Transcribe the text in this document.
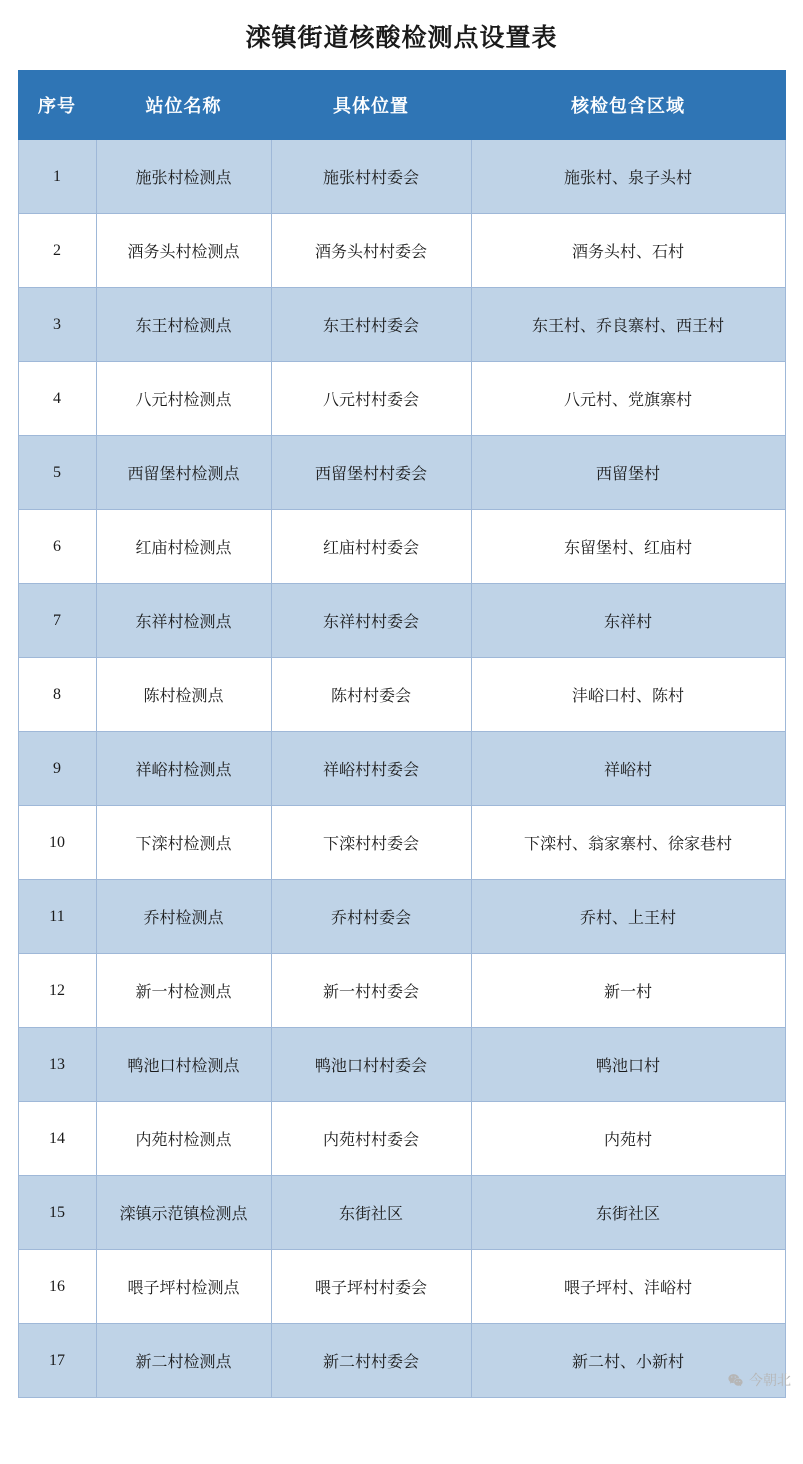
滦镇街道核酸检测点设置表
序号	站位名称	具体位置	核检包含区域
1	施张村检测点	施张村村委会	施张村、泉子头村
2	酒务头村检测点	酒务头村村委会	酒务头村、石村
3	东王村检测点	东王村村委会	东王村、乔良寨村、西王村
4	八元村检测点	八元村村委会	八元村、党旗寨村
5	西留堡村检测点	西留堡村村委会	西留堡村
6	红庙村检测点	红庙村村委会	东留堡村、红庙村
7	东祥村检测点	东祥村村委会	东祥村
8	陈村检测点	陈村村委会	沣峪口村、陈村
9	祥峪村检测点	祥峪村村委会	祥峪村
10	下滦村检测点	下滦村村委会	下滦村、翁家寨村、徐家巷村
11	乔村检测点	乔村村委会	乔村、上王村
12	新一村检测点	新一村村委会	新一村
13	鸭池口村检测点	鸭池口村村委会	鸭池口村
14	内苑村检测点	内苑村村委会	内苑村
15	滦镇示范镇检测点	东街社区	东街社区
16	喂子坪村检测点	喂子坪村村委会	喂子坪村、沣峪村
17	新二村检测点	新二村村委会	新二村、小新村
今朝北
